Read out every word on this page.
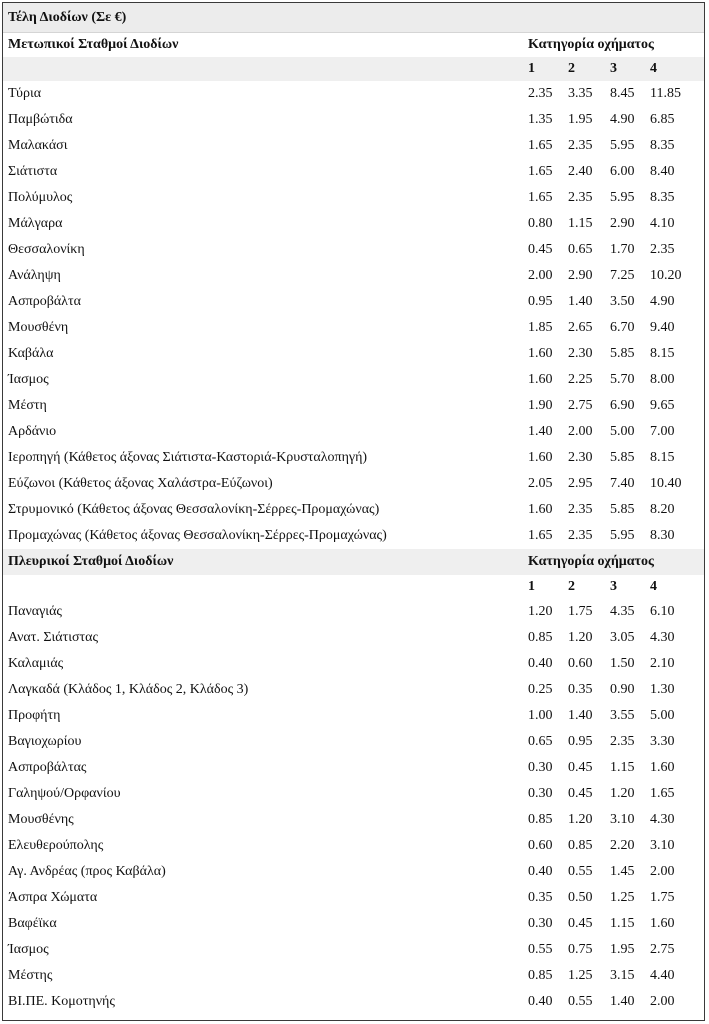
Τέλη Διοδίων (Σε €)				
Μετωπικοί Σταθμοί Διοδίων	Κατηγορία οχήματος			
	1	2	3	4
Τύρια	2.35	3.35	8.45	11.85
Παμβώτιδα	1.35	1.95	4.90	6.85
Μαλακάσι	1.65	2.35	5.95	8.35
Σιάτιστα	1.65	2.40	6.00	8.40
Πολύμυλος	1.65	2.35	5.95	8.35
Μάλγαρα	0.80	1.15	2.90	4.10
Θεσσαλονίκη	0.45	0.65	1.70	2.35
Ανάληψη	2.00	2.90	7.25	10.20
Ασπροβάλτα	0.95	1.40	3.50	4.90
Μουσθένη	1.85	2.65	6.70	9.40
Καβάλα	1.60	2.30	5.85	8.15
Ίασμος	1.60	2.25	5.70	8.00
Μέστη	1.90	2.75	6.90	9.65
Αρδάνιο	1.40	2.00	5.00	7.00
Ιεροπηγή (Κάθετος άξονας Σιάτιστα-Καστοριά-Κρυσταλοπηγή)	1.60	2.30	5.85	8.15
Εύζωνοι (Κάθετος άξονας Χαλάστρα-Εύζωνοι)	2.05	2.95	7.40	10.40
Στρυμονικό (Κάθετος άξονας Θεσσαλονίκη-Σέρρες-Προμαχώνας)	1.60	2.35	5.85	8.20
Προμαχώνας (Κάθετος άξονας Θεσσαλονίκη-Σέρρες-Προμαχώνας)	1.65	2.35	5.95	8.30
Πλευρικοί Σταθμοί Διοδίων	Κατηγορία οχήματος			
	1	2	3	4
Παναγιάς	1.20	1.75	4.35	6.10
Ανατ. Σιάτιστας	0.85	1.20	3.05	4.30
Καλαμιάς	0.40	0.60	1.50	2.10
Λαγκαδά (Κλάδος 1, Κλάδος 2, Κλάδος 3)	0.25	0.35	0.90	1.30
Προφήτη	1.00	1.40	3.55	5.00
Βαγιοχωρίου	0.65	0.95	2.35	3.30
Ασπροβάλτας	0.30	0.45	1.15	1.60
Γαληψού/Ορφανίου	0.30	0.45	1.20	1.65
Μουσθένης	0.85	1.20	3.10	4.30
Ελευθερούπολης	0.60	0.85	2.20	3.10
Αγ. Ανδρέας (προς Καβάλα)	0.40	0.55	1.45	2.00
Άσπρα Χώματα	0.35	0.50	1.25	1.75
Βαφέϊκα	0.30	0.45	1.15	1.60
Ίασμος	0.55	0.75	1.95	2.75
Μέστης	0.85	1.25	3.15	4.40
ΒΙ.ΠΕ. Κομοτηνής	0.40	0.55	1.40	2.00
